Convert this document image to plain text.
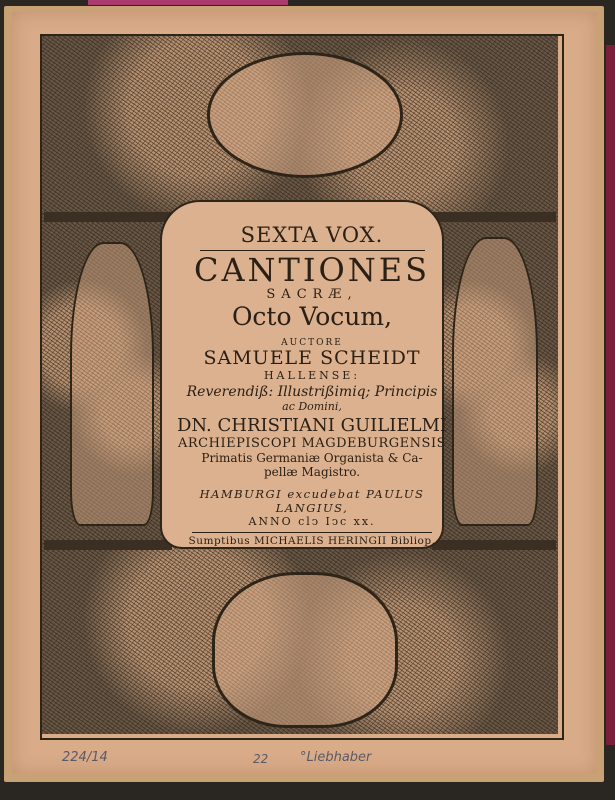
SEXTA VOX.
CANTIONES
SACRÆ,
Octo Vocum,
AUCTORE
SAMUELE SCHEIDT
HALLENSE:
Reverendiß: Illustrißimiq; Principis
ac Domini,
DN. CHRISTIANI GUILIELMI
ARCHIEPISCOPI MAGDEBURGENSIS
Primatis Germaniæ Organista & Ca-
pellæ Magistro.
HAMBURGI excudebat PAULUS LANGIUS,
ANNO clↄ Iↄc xx.
Sumptibus MICHAELIS HERINGII Bibliop.
224/14	22 °Liebhaber
